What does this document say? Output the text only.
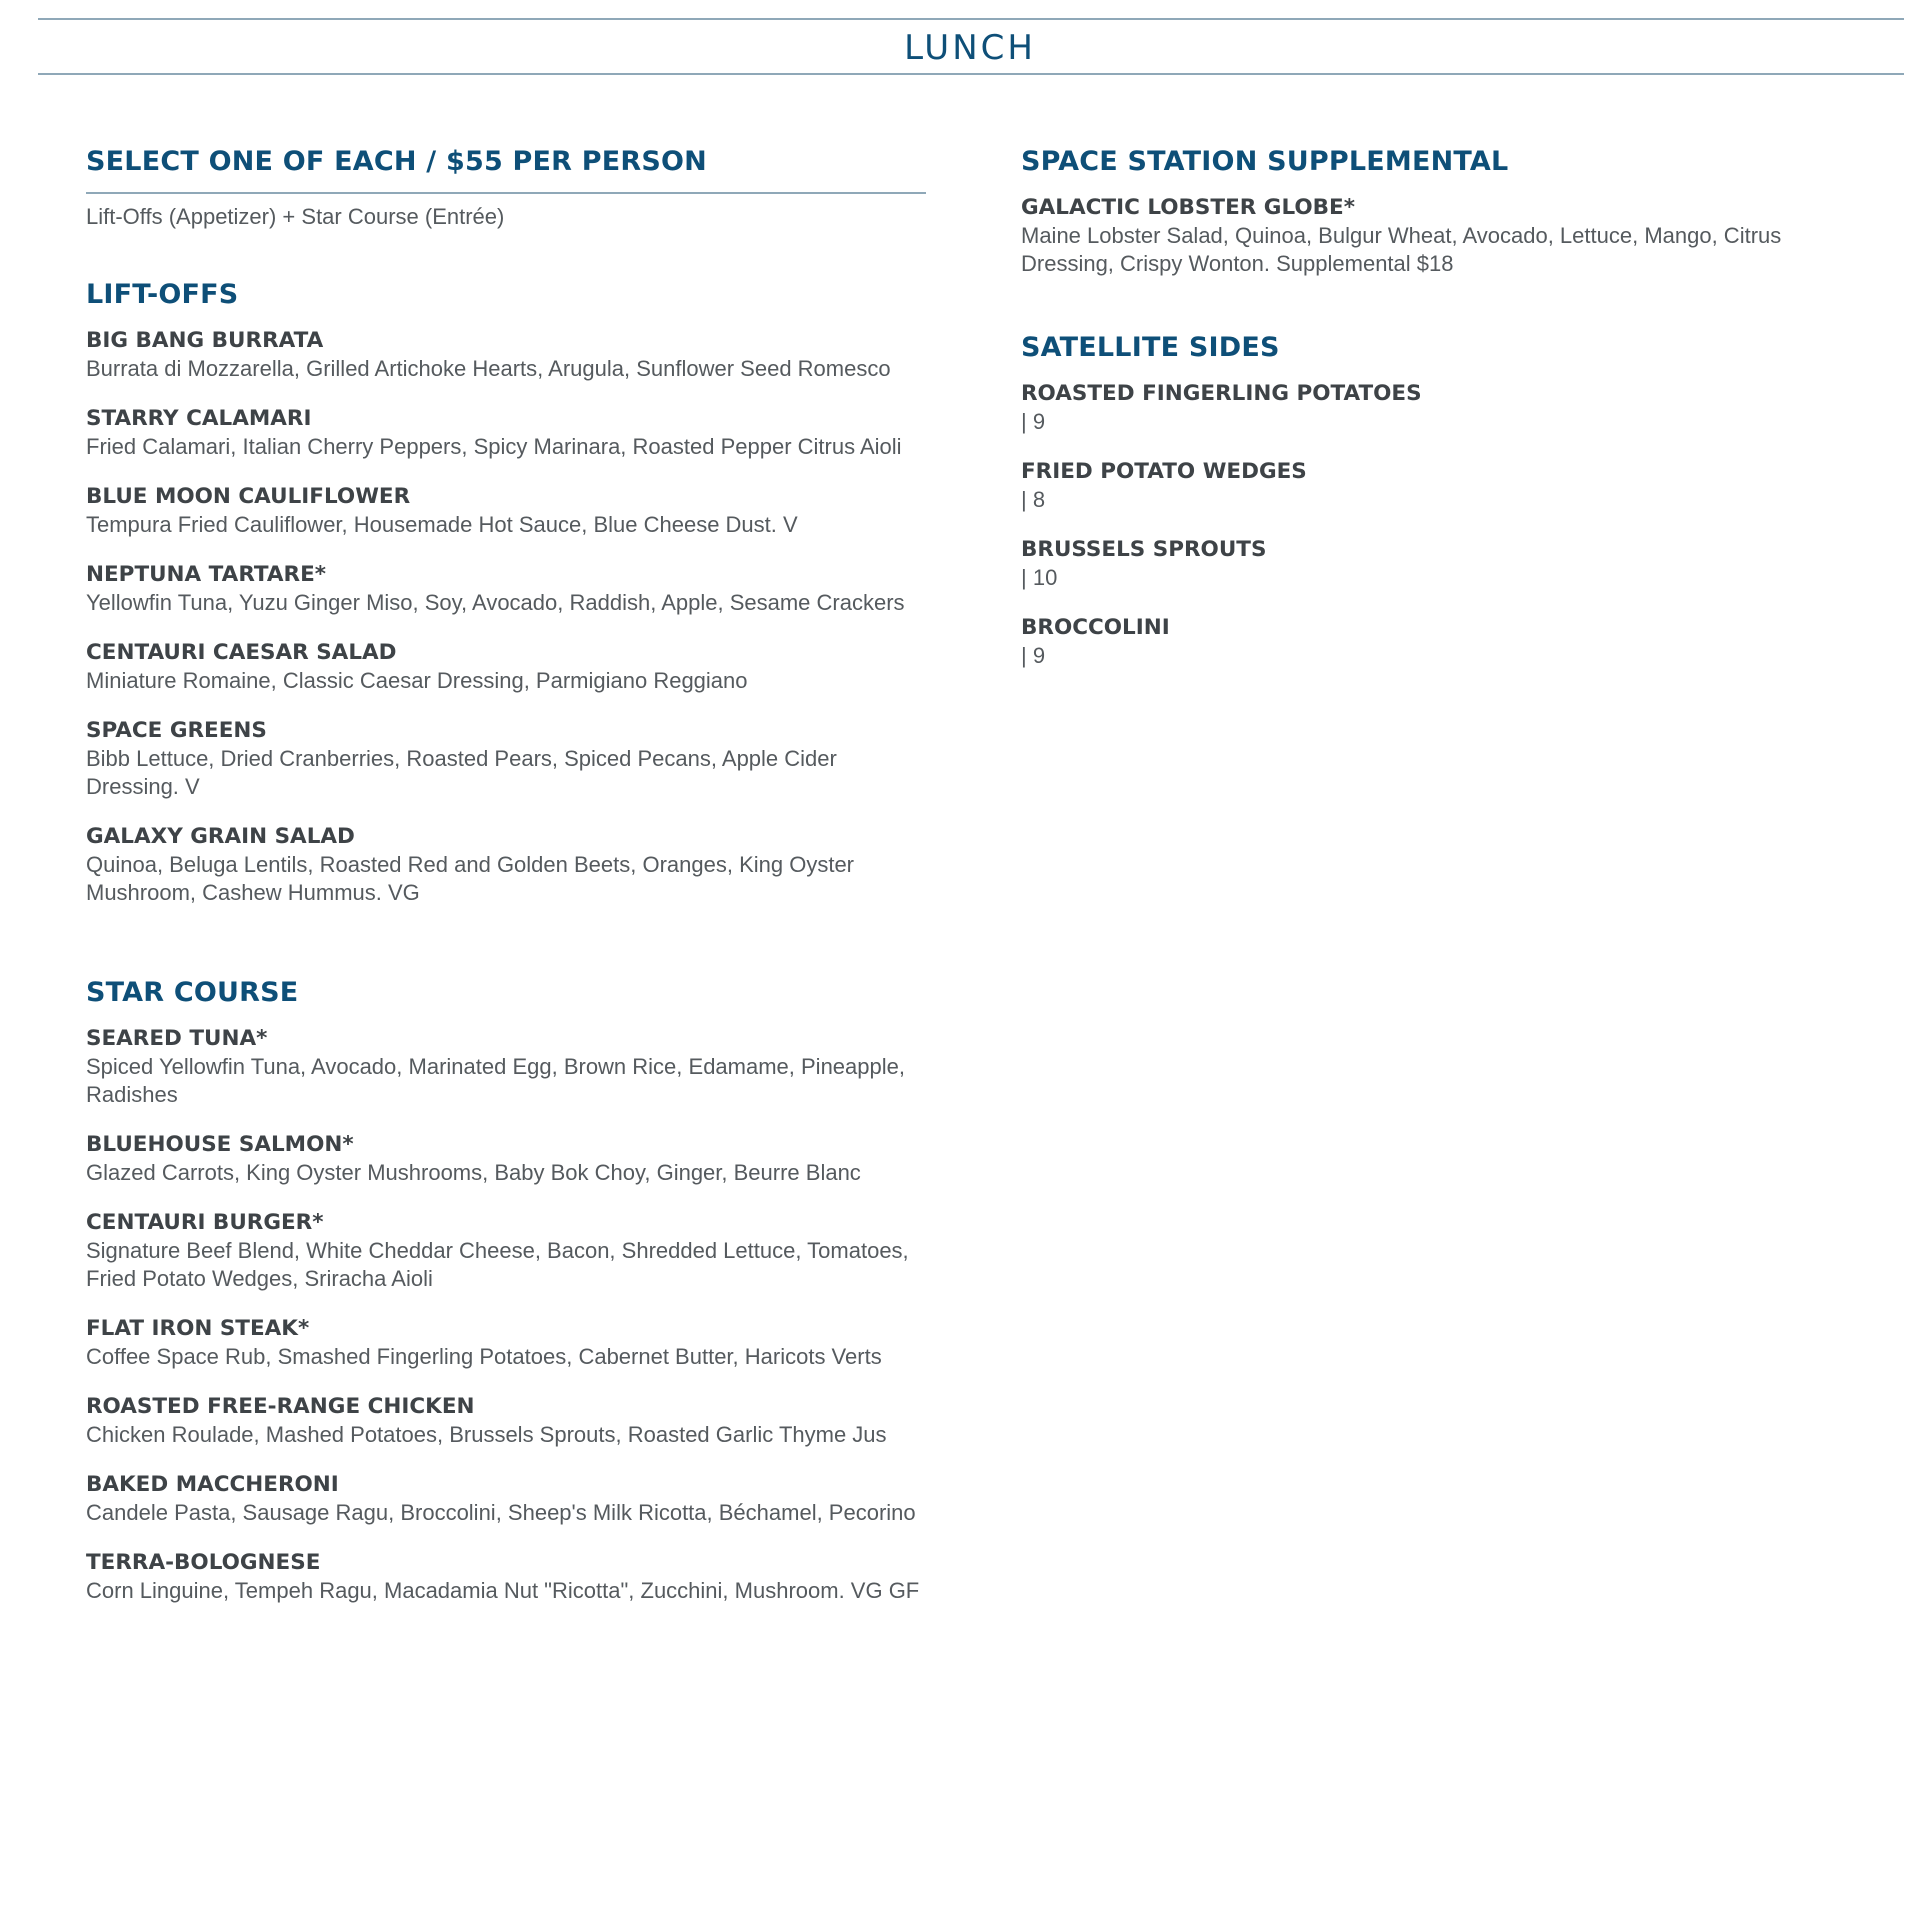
LUNCH
SELECT ONE OF EACH / $55 PER PERSON
Lift-Offs (Appetizer) + Star Course (Entrée)
LIFT-OFFS
BIG BANG BURRATA
Burrata di Mozzarella, Grilled Artichoke Hearts, Arugula, Sunflower Seed Romesco
STARRY CALAMARI
Fried Calamari, Italian Cherry Peppers, Spicy Marinara, Roasted Pepper Citrus Aioli
BLUE MOON CAULIFLOWER
Tempura Fried Cauliflower, Housemade Hot Sauce, Blue Cheese Dust. V
NEPTUNA TARTARE*
Yellowfin Tuna, Yuzu Ginger Miso, Soy, Avocado, Raddish, Apple, Sesame Crackers
CENTAURI CAESAR SALAD
Miniature Romaine, Classic Caesar Dressing, Parmigiano Reggiano
SPACE GREENS
Bibb Lettuce, Dried Cranberries, Roasted Pears, Spiced Pecans, Apple Cider Dressing. V
GALAXY GRAIN SALAD
Quinoa, Beluga Lentils, Roasted Red and Golden Beets, Oranges, King Oyster Mushroom, Cashew Hummus. VG
STAR COURSE
SEARED TUNA*
Spiced Yellowfin Tuna, Avocado, Marinated Egg, Brown Rice, Edamame, Pineapple, Radishes
BLUEHOUSE SALMON*
Glazed Carrots, King Oyster Mushrooms, Baby Bok Choy, Ginger, Beurre Blanc
CENTAURI BURGER*
Signature Beef Blend, White Cheddar Cheese, Bacon, Shredded Lettuce, Tomatoes, Fried Potato Wedges, Sriracha Aioli
FLAT IRON STEAK*
Coffee Space Rub, Smashed Fingerling Potatoes, Cabernet Butter, Haricots Verts
ROASTED FREE-RANGE CHICKEN
Chicken Roulade, Mashed Potatoes, Brussels Sprouts, Roasted Garlic Thyme Jus
BAKED MACCHERONI
Candele Pasta, Sausage Ragu, Broccolini, Sheep's Milk Ricotta, Béchamel, Pecorino
TERRA-BOLOGNESE
Corn Linguine, Tempeh Ragu, Macadamia Nut "Ricotta", Zucchini, Mushroom. VG GF
SPACE STATION SUPPLEMENTAL
GALACTIC LOBSTER GLOBE*
Maine Lobster Salad, Quinoa, Bulgur Wheat, Avocado, Lettuce, Mango, Citrus Dressing, Crispy Wonton. Supplemental $18
SATELLITE SIDES
ROASTED FINGERLING POTATOES
| 9
FRIED POTATO WEDGES
| 8
BRUSSELS SPROUTS
| 10
BROCCOLINI
| 9
